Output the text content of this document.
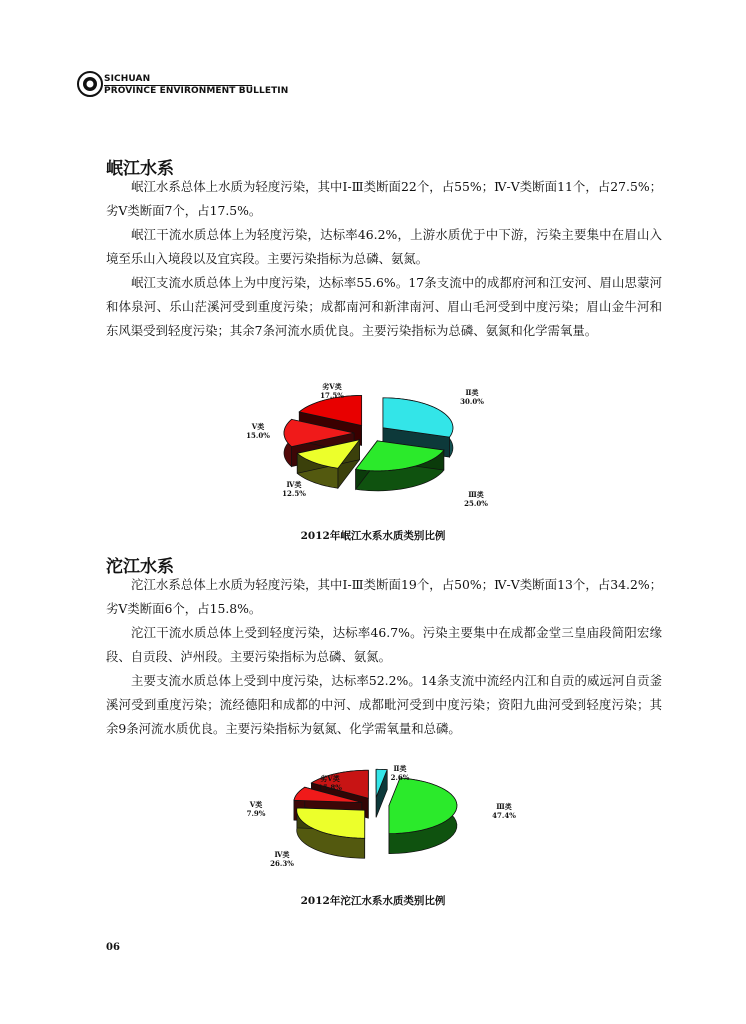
SICHUAN
PROVINCE ENVIRONMENT BULLETIN
岷江水系
岷江水系总体上水质为轻度污染，其中Ⅰ-Ⅲ类断面22个，占55%；Ⅳ-Ⅴ类断面11个，占27.5%；劣Ⅴ类断面7个，占17.5%。
岷江干流水质总体上为轻度污染，达标率46.2%，上游水质优于中下游，污染主要集中在眉山入境至乐山入境段以及宜宾段。主要污染指标为总磷、氨氮。
岷江支流水质总体上为中度污染，达标率55.6%。17条支流中的成都府河和江安河、眉山思蒙河和体泉河、乐山茫溪河受到重度污染；成都南河和新津南河、眉山毛河受到中度污染；眉山金牛河和东风渠受到轻度污染；其余7条河流水质优良。主要污染指标为总磷、氨氮和化学需氧量。
Ⅱ类
30.0%
Ⅲ类
25.0%
Ⅳ类
12.5%
Ⅴ类
15.0%
劣Ⅴ类
17.5%
2012年岷江水系水质类别比例
沱江水系
沱江水系总体上水质为轻度污染，其中Ⅰ-Ⅲ类断面19个，占50%；Ⅳ-Ⅴ类断面13个，占34.2%；劣Ⅴ类断面6个，占15.8%。
沱江干流水质总体上受到轻度污染，达标率46.7%。污染主要集中在成都金堂三皇庙段简阳宏缘段、自贡段、泸州段。主要污染指标为总磷、氨氮。
主要支流水质总体上受到中度污染，达标率52.2%。14条支流中流经内江和自贡的威远河自贡釜溪河受到重度污染；流经德阳和成都的中河、成都毗河受到中度污染；资阳九曲河受到轻度污染；其余9条河流水质优良。主要污染指标为氨氮、化学需氧量和总磷。
Ⅱ类
2.6%
Ⅲ类
47.4%
Ⅳ类
26.3%
Ⅴ类
7.9%
劣Ⅴ类
15.8%
2012年沱江水系水质类别比例
06
